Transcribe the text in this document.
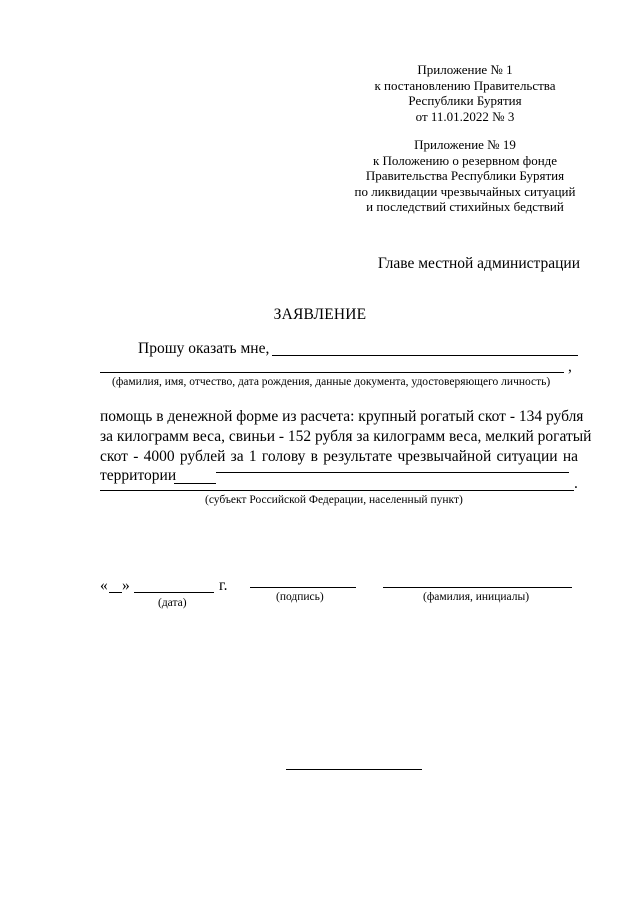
Приложение № 1
к постановлению Правительства
Республики Бурятия
от 11.01.2022 № 3
Приложение № 19
к Положению о резервном фонде
Правительства Республики Бурятия
по ликвидации чрезвычайных ситуаций
и последствий стихийных бедствий
Главе местной администрации
ЗАЯВЛЕНИЕ
Прошу оказать мне,
,
(фамилия, имя, отчество, дата рождения, данные документа, удостоверяющего личность)
помощь в денежной форме из расчета: крупный рогатый скот - 134 рубля
за килограмм веса, свиньи - 152 рубля за килограмм веса, мелкий рогатый
скот - 4000 рублей за 1 голову в результате чрезвычайной ситуации на
территории	.
(субъект Российской Федерации, населенный пункт)
« »	г.
(дата)	(подпись)	(фамилия, инициалы)
